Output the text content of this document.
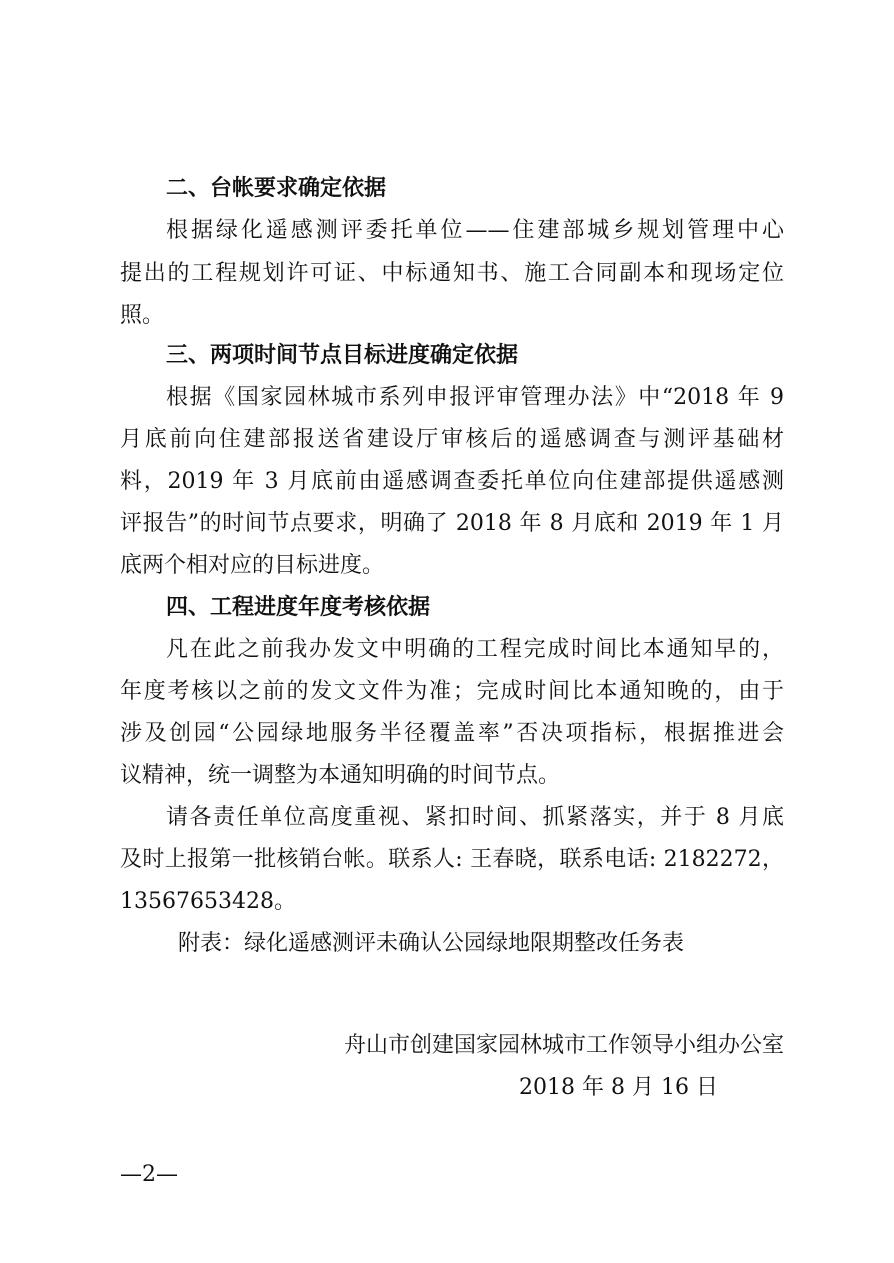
二、台帐要求确定依据
根据绿化遥感测评委托单位——住建部城乡规划管理中心
提出的工程规划许可证、中标通知书、施工合同副本和现场定位
照。
三、两项时间节点目标进度确定依据
根据《国家园林城市系列申报评审管理办法》中“2018 年 9
月底前向住建部报送省建设厅审核后的遥感调查与测评基础材
料，2019 年 3 月底前由遥感调查委托单位向住建部提供遥感测
评报告”的时间节点要求，明确了 2018 年 8 月底和 2019 年 1 月
底两个相对应的目标进度。
四、工程进度年度考核依据
凡在此之前我办发文中明确的工程完成时间比本通知早的，
年度考核以之前的发文文件为准；完成时间比本通知晚的，由于
涉及创园“公园绿地服务半径覆盖率”否决项指标，根据推进会
议精神，统一调整为本通知明确的时间节点。
请各责任单位高度重视、紧扣时间、抓紧落实，并于 8 月底
及时上报第一批核销台帐。联系人: 王春晓，联系电话: 2182272，
13567653428。
附表：绿化遥感测评未确认公园绿地限期整改任务表
舟山市创建国家园林城市工作领导小组办公室
2018 年 8 月 16 日
—2—
